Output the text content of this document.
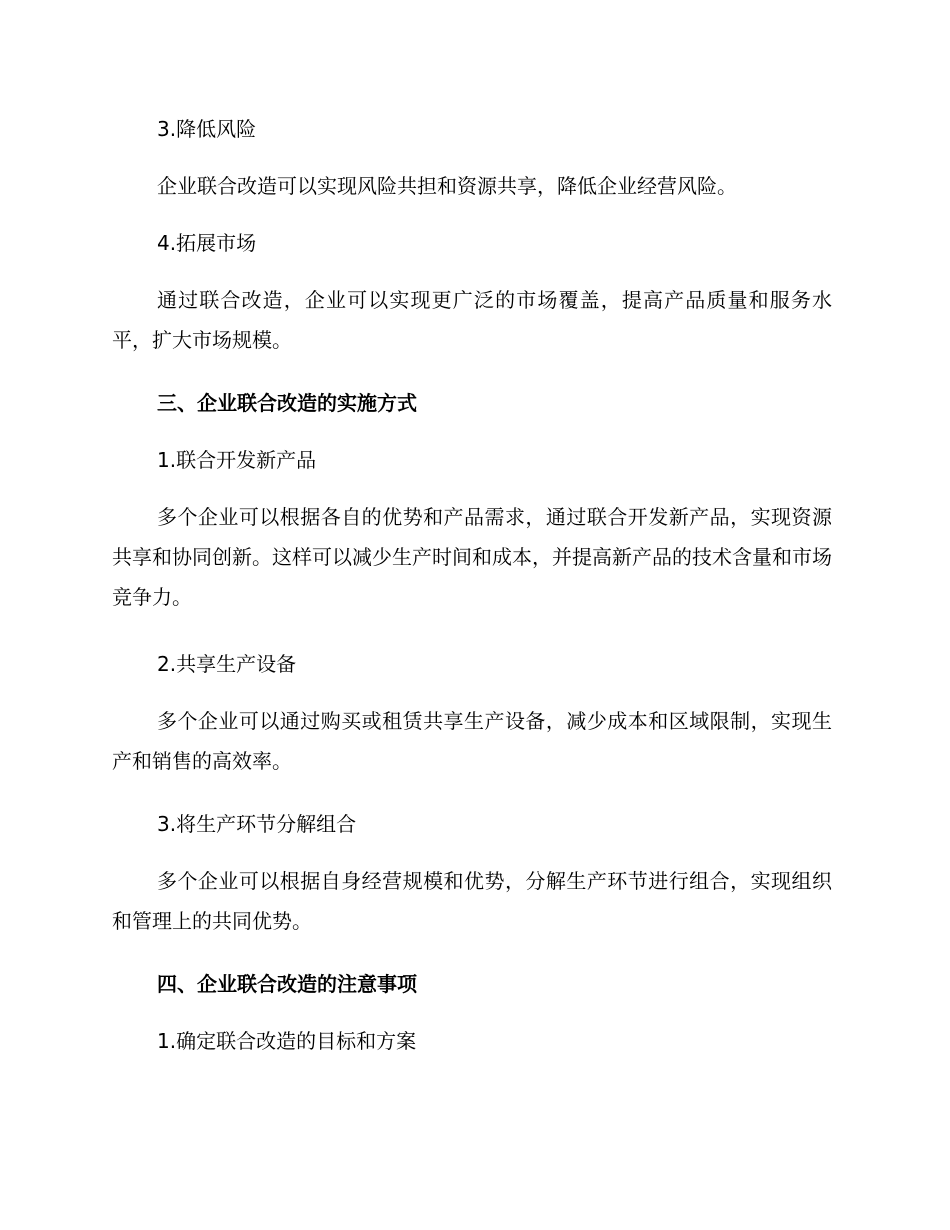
3.降低风险

企业联合改造可以实现风险共担和资源共享，降低企业经营风险。

4.拓展市场

通过联合改造，企业可以实现更广泛的市场覆盖，提高产品质量和服务水平，扩大市场规模。

三、企业联合改造的实施方式

1.联合开发新产品

多个企业可以根据各自的优势和产品需求，通过联合开发新产品，实现资源共享和协同创新。这样可以减少生产时间和成本，并提高新产品的技术含量和市场竞争力。

2.共享生产设备

多个企业可以通过购买或租赁共享生产设备，减少成本和区域限制，实现生产和销售的高效率。

3.将生产环节分解组合

多个企业可以根据自身经营规模和优势，分解生产环节进行组合，实现组织和管理上的共同优势。

四、企业联合改造的注意事项

1.确定联合改造的目标和方案
